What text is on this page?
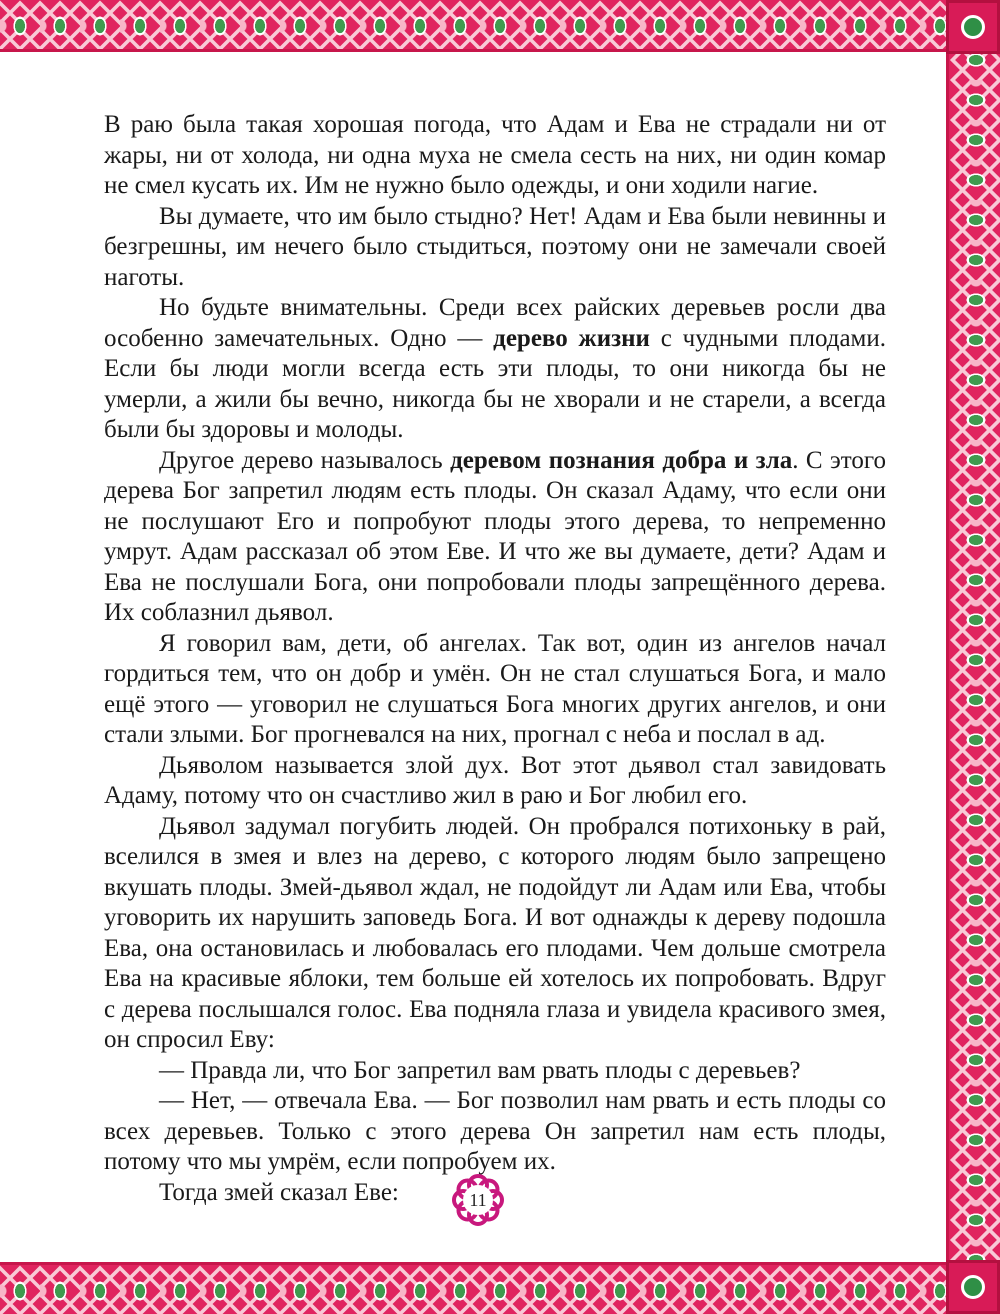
В раю была такая хорошая погода, что Адам и Ева не страдали ни от жары, ни от холода, ни одна муха не смела сесть на них, ни один комар не смел кусать их. Им не нужно было одежды, и они ходили нагие.

Вы думаете, что им было стыдно? Нет! Адам и Ева были невинны и безгрешны, им нечего было стыдиться, поэтому они не замечали своей наготы.

Но будьте внимательны. Среди всех райских деревьев росли два особенно замечательных. Одно — дерево жизни с чудными плодами. Если бы люди могли всегда есть эти плоды, то они никогда бы не умерли, а жили бы вечно, никогда бы не хворали и не старели, а всегда были бы здоровы и молоды.

Другое дерево называлось деревом познания добра и зла. С этого дерева Бог запретил людям есть плоды. Он сказал Адаму, что если они не послушают Его и попробуют плоды этого дерева, то непременно умрут. Адам рассказал об этом Еве. И что же вы думаете, дети? Адам и Ева не послушали Бога, они попробовали плоды запрещённого дерева. Их соблазнил дьявол.

Я говорил вам, дети, об ангелах. Так вот, один из ангелов начал гордиться тем, что он добр и умён. Он не стал слушаться Бога, и мало ещё этого — уговорил не слушаться Бога многих других ангелов, и они стали злыми. Бог прогневался на них, прогнал с неба и послал в ад.

Дьяволом называется злой дух. Вот этот дьявол стал завидовать Адаму, потому что он счастливо жил в раю и Бог любил его.

Дьявол задумал погубить людей. Он пробрался потихоньку в рай, вселился в змея и влез на дерево, с которого людям было запрещено вкушать плоды. Змей-дьявол ждал, не подойдут ли Адам или Ева, чтобы уговорить их нарушить заповедь Бога. И вот однажды к дереву подошла Ева, она остановилась и любовалась его плодами. Чем дольше смотрела Ева на красивые яблоки, тем больше ей хотелось их попробовать. Вдруг с дерева послышался голос. Ева подняла глаза и увидела красивого змея, он спросил Еву:

— Правда ли, что Бог запретил вам рвать плоды с деревьев?

— Нет, — отвечала Ева. — Бог позволил нам рвать и есть плоды со всех деревьев. Только с этого дерева Он запретил нам есть плоды, потому что мы умрём, если попробуем их.

Тогда змей сказал Еве:	11
